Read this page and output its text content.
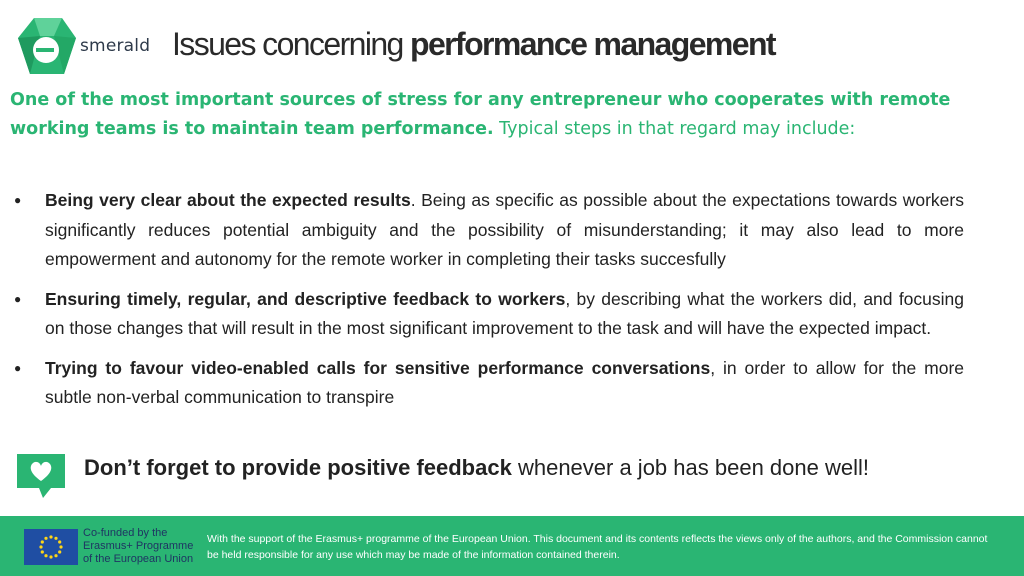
smerald Issues concerning performance management
One of the most important sources of stress for any entrepreneur who cooperates with remote working teams is to maintain team performance. Typical steps in that regard may include:
● Being very clear about the expected results. Being as specific as possible about the expectations towards workers significantly reduces potential ambiguity and the possibility of misunderstanding; it may also lead to more empowerment and autonomy for the remote worker in completing their tasks succesfully
● Ensuring timely, regular, and descriptive feedback to workers, by describing what the workers did, and focusing on those changes that will result in the most significant improvement to the task and will have the expected impact.
● Trying to favour video-enabled calls for sensitive performance conversations, in order to allow for the more subtle non-verbal communication to transpire
Don’t forget to provide positive feedback whenever a job has been done well!
Co-funded by the
Erasmus+ Programme
of the European Union
With the support of the Erasmus+ programme of the European Union. This document and its contents reflects the views only of the authors, and the Commission cannot be held responsible for any use which may be made of the information contained therein.
